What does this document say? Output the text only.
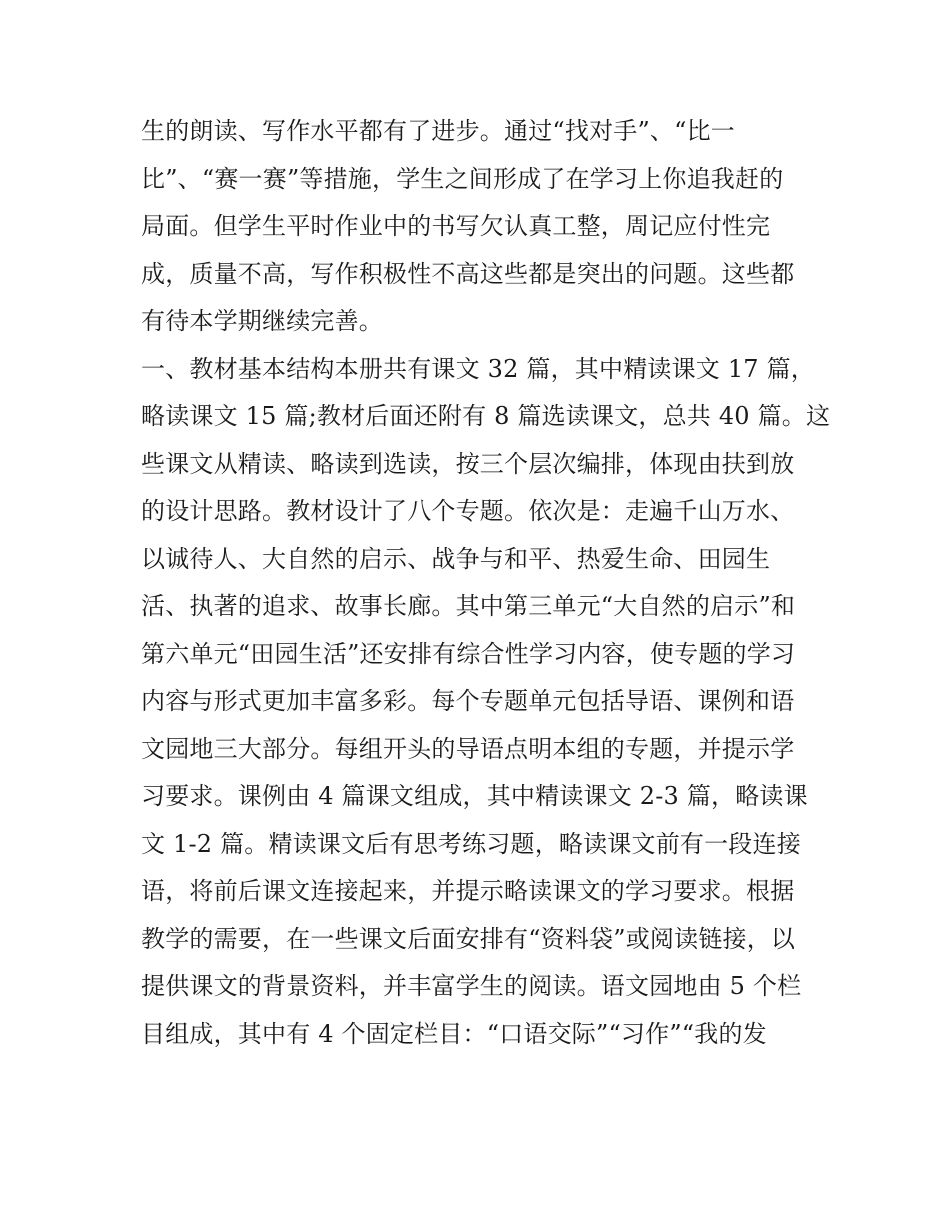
生的朗读、写作水平都有了进步。通过“找对手”、“比一
比”、“赛一赛”等措施，学生之间形成了在学习上你追我赶的
局面。但学生平时作业中的书写欠认真工整，周记应付性完
成，质量不高，写作积极性不高这些都是突出的问题。这些都
有待本学期继续完善。
一、教材基本结构本册共有课文 32 篇，其中精读课文 17 篇，
略读课文 15 篇;教材后面还附有 8 篇选读课文，总共 40 篇。这
些课文从精读、略读到选读，按三个层次编排，体现由扶到放
的设计思路。教材设计了八个专题。依次是：走遍千山万水、
以诚待人、大自然的启示、战争与和平、热爱生命、田园生
活、执著的追求、故事长廊。其中第三单元“大自然的启示”和
第六单元“田园生活”还安排有综合性学习内容，使专题的学习
内容与形式更加丰富多彩。每个专题单元包括导语、课例和语
文园地三大部分。每组开头的导语点明本组的专题，并提示学
习要求。课例由 4 篇课文组成，其中精读课文 2-3 篇，略读课
文 1-2 篇。精读课文后有思考练习题，略读课文前有一段连接
语，将前后课文连接起来，并提示略读课文的学习要求。根据
教学的需要，在一些课文后面安排有“资料袋”或阅读链接，以
提供课文的背景资料，并丰富学生的阅读。语文园地由 5 个栏
目组成，其中有 4 个固定栏目：“口语交际”“习作”“我的发
